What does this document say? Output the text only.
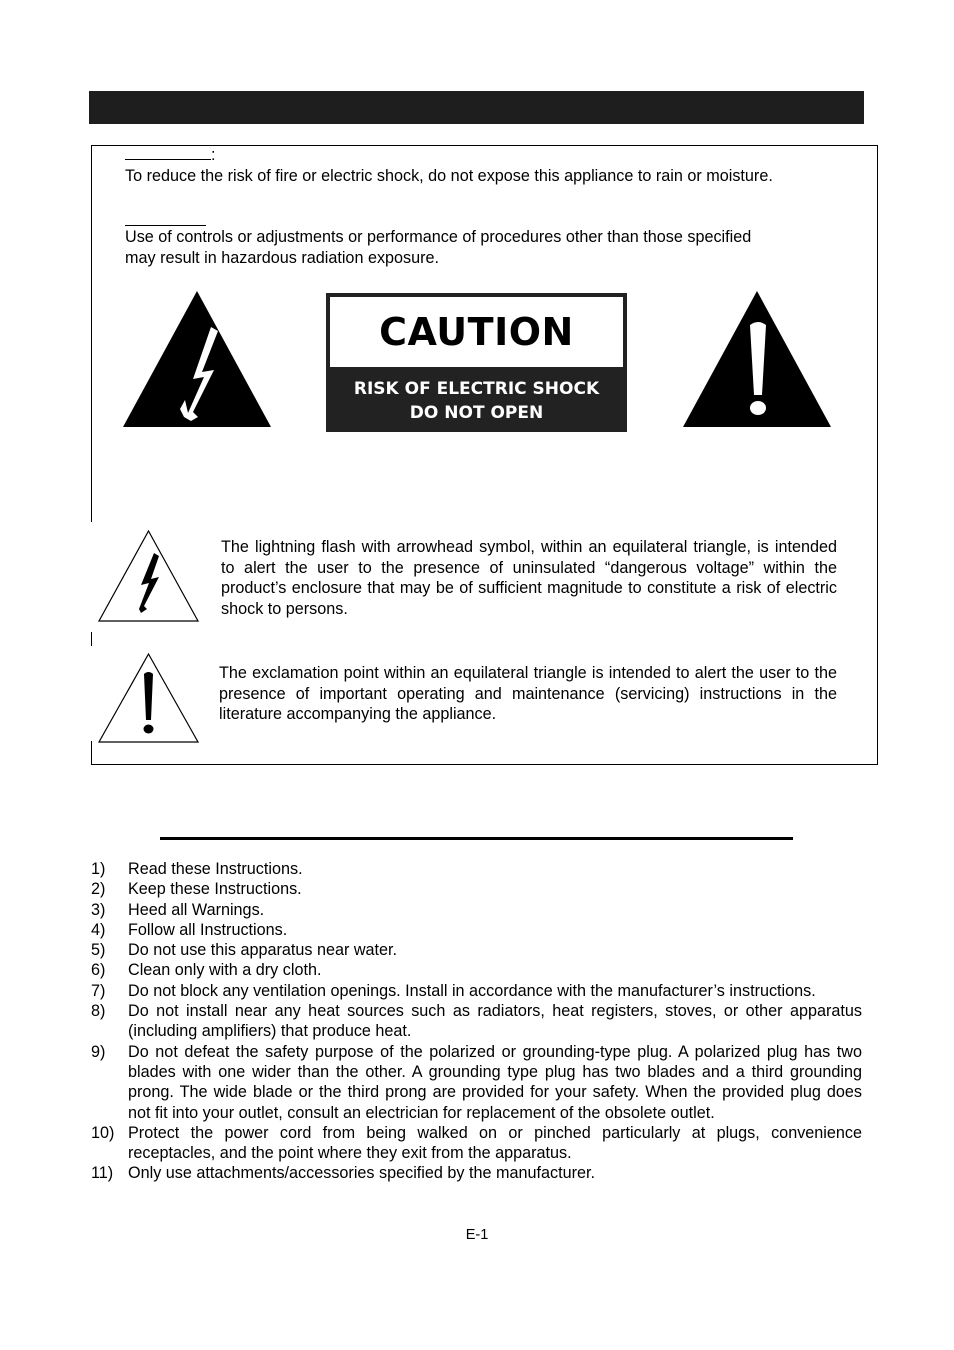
:
To reduce the risk of fire or electric shock, do not expose this appliance to rain or moisture.
Use of controls or adjustments or performance of procedures other than those specified
may result in hazardous radiation exposure.
CAUTION
RISK OF ELECTRIC SHOCK
DO NOT OPEN
The lightning flash with arrowhead symbol, within an equilateral triangle, is intended to alert the user to the presence of uninsulated “dangerous voltage” within the product’s enclosure that may be of sufficient magnitude to constitute a risk of electric shock to persons.
The exclamation point within an equilateral triangle is intended to alert the user to the presence of important operating and maintenance (servicing) instructions in the literature accompanying the appliance.
1) Read these Instructions.
2) Keep these Instructions.
3) Heed all Warnings.
4) Follow all Instructions.
5) Do not use this apparatus near water.
6) Clean only with a dry cloth.
7) Do not block any ventilation openings. Install in accordance with the manufacturer’s instructions.
8) Do not install near any heat sources such as radiators, heat registers, stoves, or other apparatus (including amplifiers) that produce heat.
9) Do not defeat the safety purpose of the polarized or grounding-type plug. A polarized plug has two blades with one wider than the other. A grounding type plug has two blades and a third grounding prong. The wide blade or the third prong are provided for your safety. When the provided plug does not fit into your outlet, consult an electrician for replacement of the obsolete outlet.
10) Protect the power cord from being walked on or pinched particularly at plugs, convenience receptacles, and the point where they exit from the apparatus.
11) Only use attachments/accessories specified by the manufacturer.
E-1
